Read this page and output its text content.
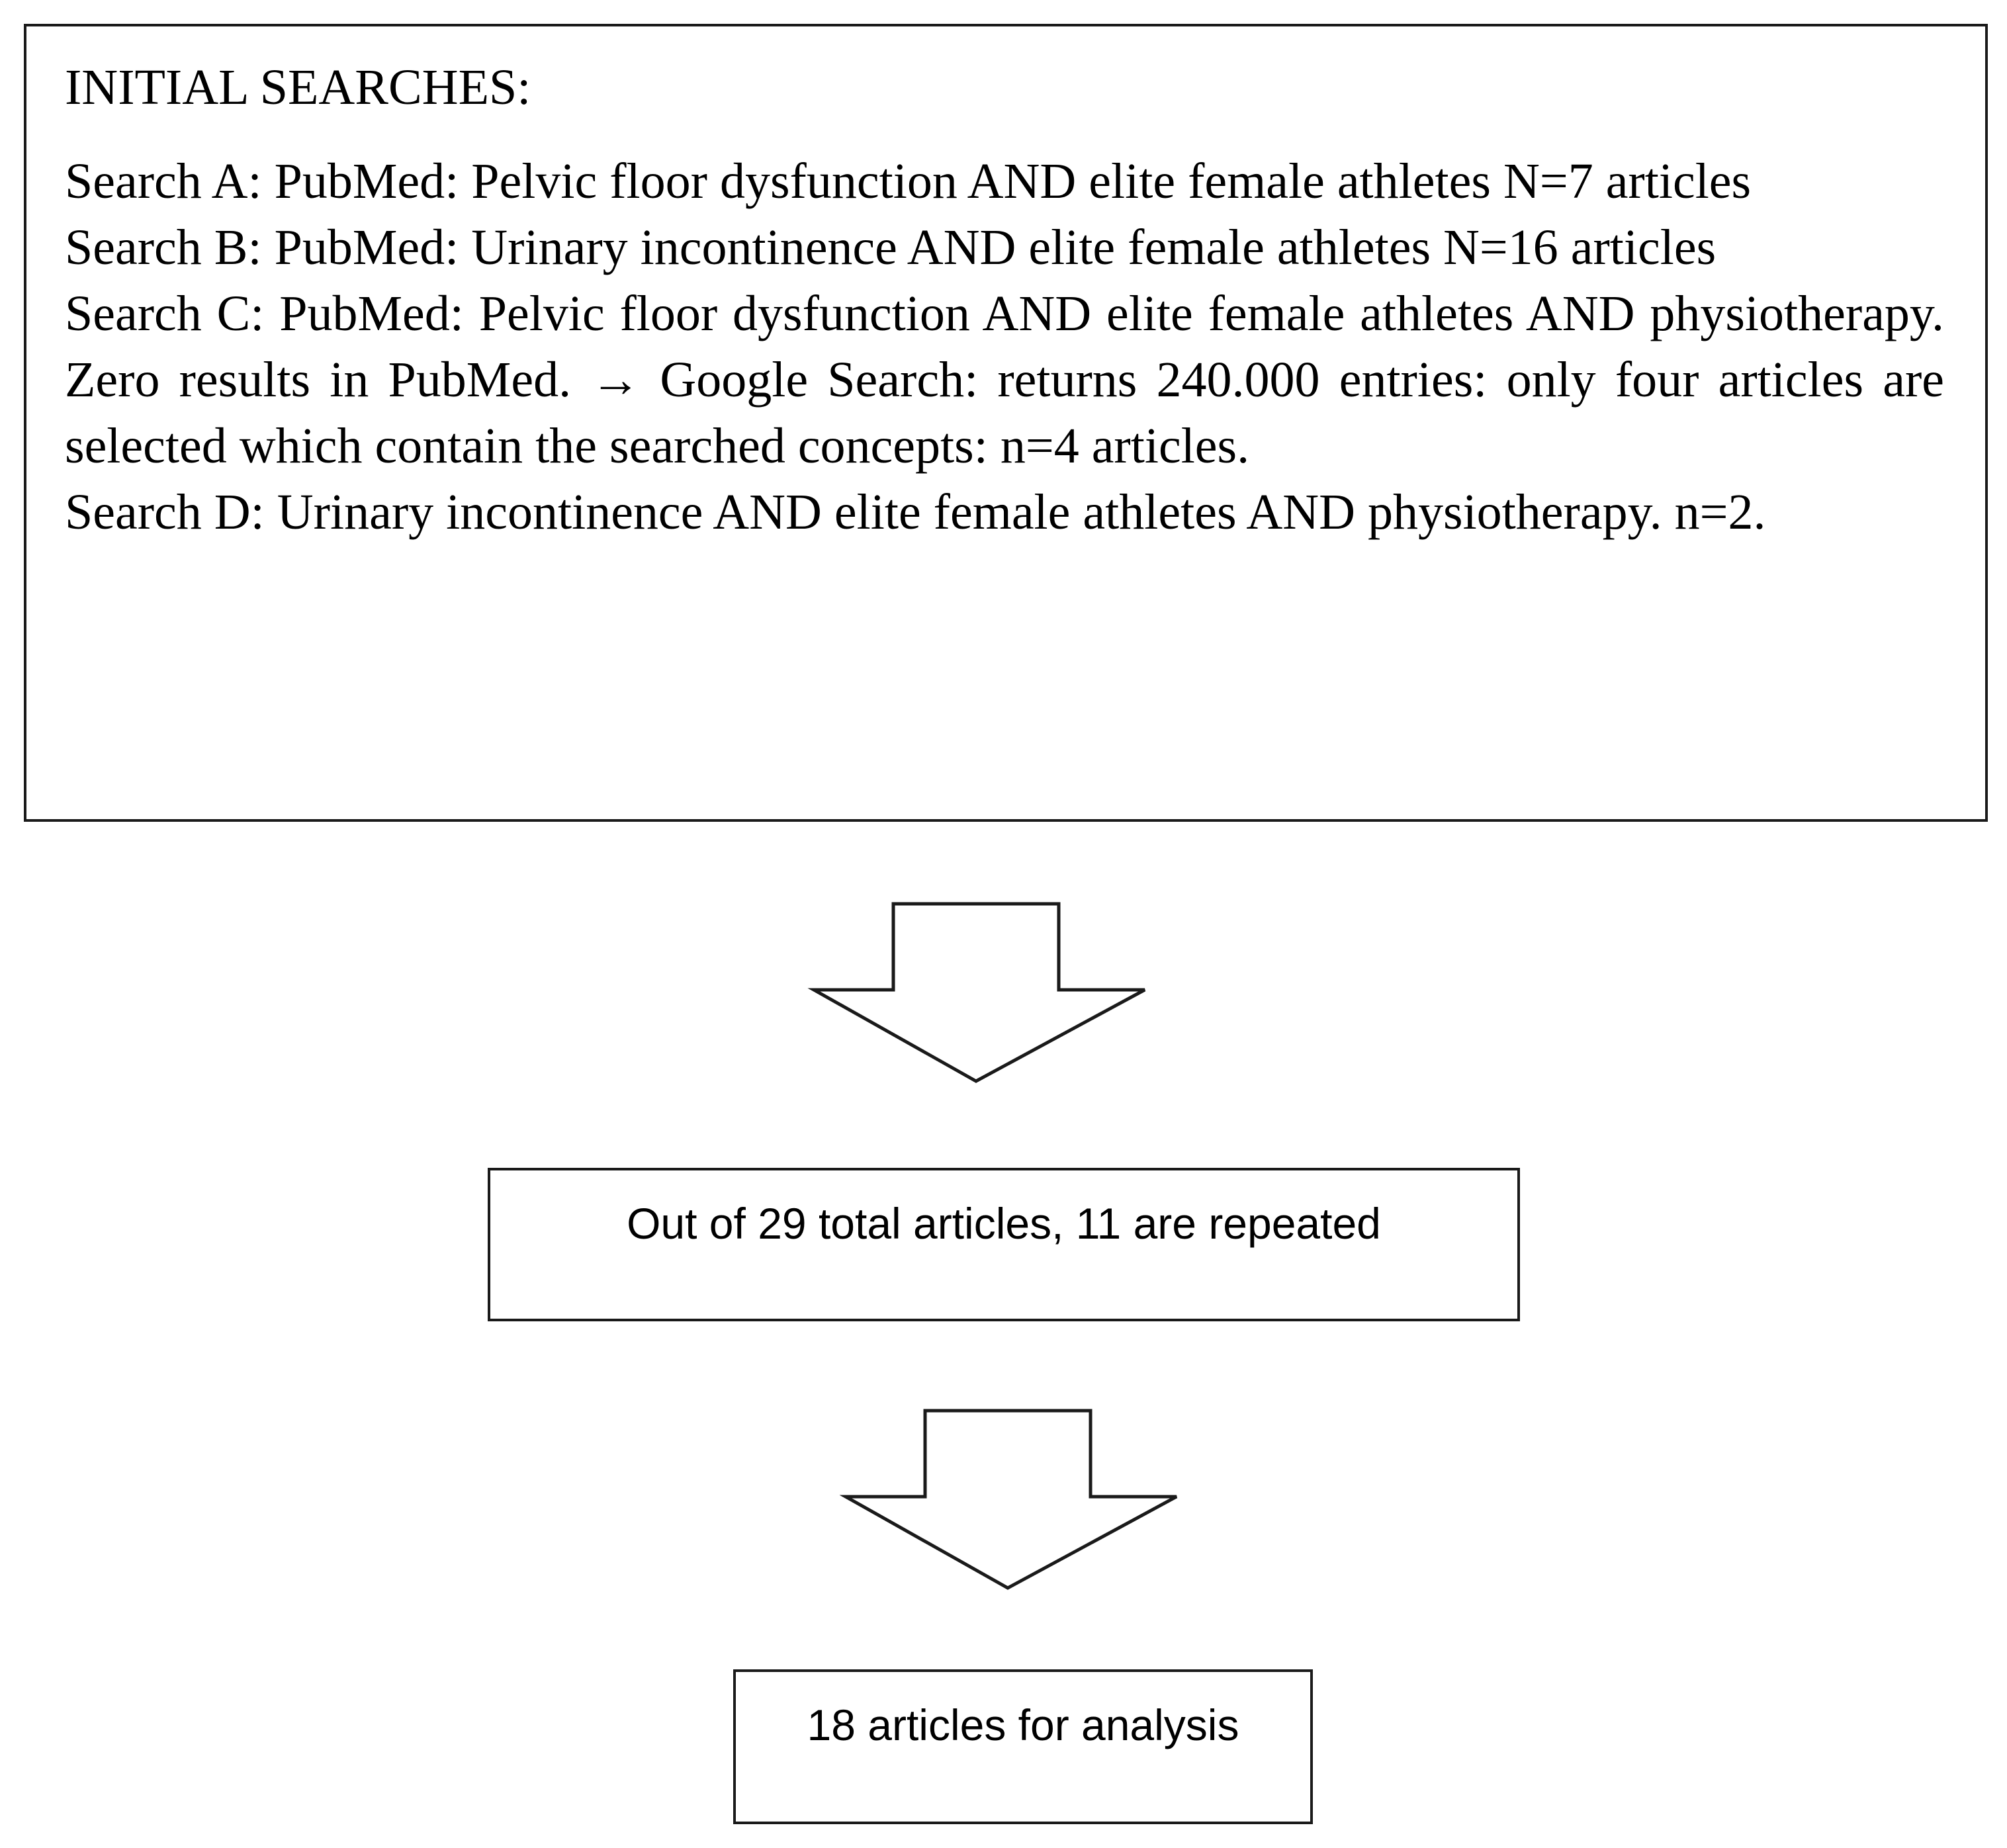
INITIAL SEARCHES:
Search A: PubMed: Pelvic floor dysfunction AND elite female athletes N=7 articles
Search B: PubMed: Urinary incontinence AND elite female athletes N=16 articles
Search C: PubMed: Pelvic floor dysfunction AND elite female athletes AND physiotherapy. Zero results in PubMed. → Google Search: returns 240.000 entries: only four articles are selected which contain the searched concepts: n=4 articles.
Search D: Urinary incontinence AND elite female athletes AND physiotherapy. n=2.
Out of 29 total articles, 11 are repeated
18 articles for analysis
